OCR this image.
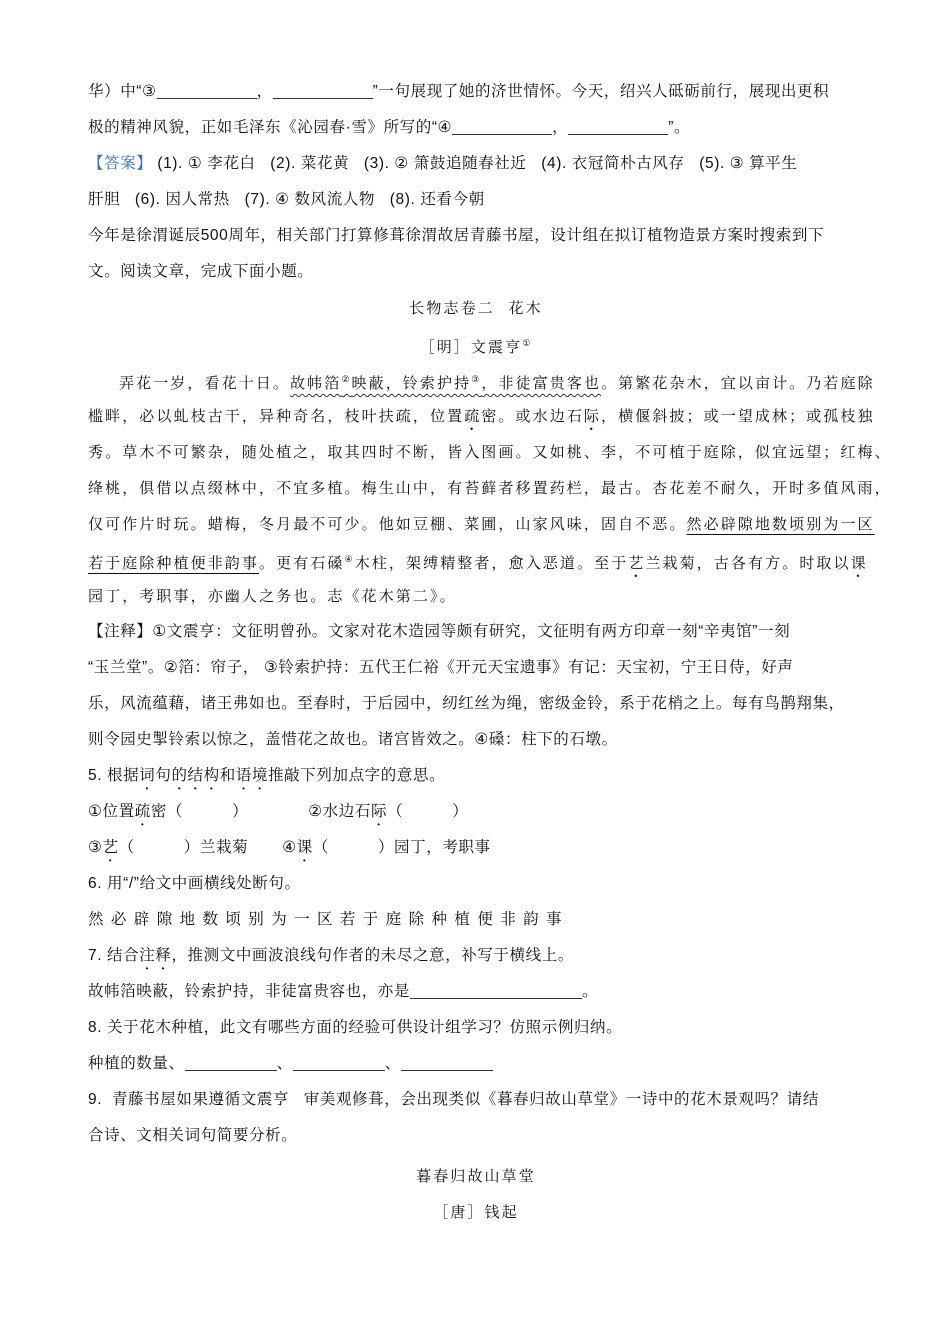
华）中“③	，	”一句展现了她的济世情怀。今天，绍兴人砥砺前行，展现出更积

极的精神风貌，正如毛泽东《沁园春·雪》所写的“④	，	”。

【答案】 (1). ① 李花白   (2). 菜花黄   (3). ② 箫鼓追随春社近   (4). 衣冠简朴古风存   (5). ③ 算平生

肝胆   (6). 因人常热   (7). ④ 数风流人物   (8). 还看今朝

今年是徐渭诞辰500周年，相关部门打算修葺徐渭故居青藤书屋，设计组在拟订植物造景方案时搜索到下

文。阅读文章，完成下面小题。

长物志卷二  花木

［明］文震亨①

弄花一岁，看花十日。故帏箔②映蔽，铃索护持③，非徒富贵客也。第繁花杂木，宜以亩计。乃若庭除

槛畔，必以虬枝古干，异种奇名，枝叶扶疏，位置疏密。或水边石际，横偃斜披；或一望成林；或孤枝独

秀。草木不可繁杂，随处植之，取其四时不断，皆入图画。又如桃、李，不可植于庭除，似宜远望；红梅、

绛桃，俱借以点缀林中，不宜多植。梅生山中，有苔藓者移置药栏，最古。杏花差不耐久，开时多值风雨，

仅可作片时玩。蜡梅，冬月最不可少。他如豆棚、菜圃，山家风味，固自不恶。然必辟隙地数顷别为一区

若于庭除种植便非韵事。更有石磉④木柱，架缚精整者，愈入恶道。至于艺兰栽菊，古各有方。时取以课

园丁，考职事，亦幽人之务也。志《花木第二》。

【注释】①文震亨：文征明曾孙。文家对花木造园等颇有研究，文征明有两方印章一刻“辛夷馆”一刻

“玉兰堂”。②箔：帘子， ③铃索护持：五代王仁裕《开元天宝遗事》有记：天宝初，宁王日侍，好声

乐，风流蕴藉，诸王弗如也。至春时，于后园中，纫红丝为绳，密级金铃，系于花梢之上。每有鸟鹊翔集，

则令园史掣铃索以惊之，盖惜花之故也。诸宫皆效之。④磉：柱下的石墩。

5. 根据词句的结构和语境推敲下列加点字的意思。

①位置疏密（          ）	②水边石际（          ）

③艺（          ）兰栽菊 ④课（          ）园丁，考职事

6. 用“/”给文中画横线处断句。

然必辟隙地数顷别为一区若于庭除种植便非韵事

7. 结合注释，推测文中画波浪线句作者的未尽之意，补写于横线上。

故帏箔映蔽，铃索护持，非徒富贵容也，亦是	。

8. 关于花木种植，此文有哪些方面的经验可供设计组学习？仿照示例归纳。

种植的数量、	、	、

9.  青藤书屋如果遵循文震亨   审美观修葺，会出现类似《暮春归故山草堂》一诗中的花木景观吗？请结

合诗、文相关词句简要分析。

暮春归故山草堂

［唐］钱起
